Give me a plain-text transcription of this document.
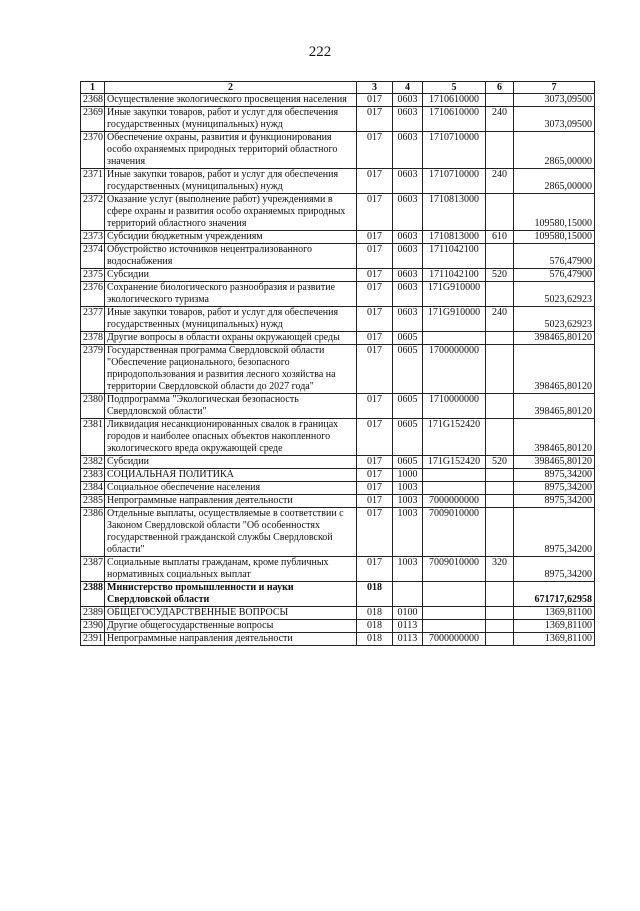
222
1	2	3	4	5	6	7
2368	Осуществление экологического просвещения населения	017	0603	1710610000		3073,09500
2369	Иные закупки товаров, работ и услуг для обеспечения государственных (муниципальных) нужд	017	0603	1710610000	240	3073,09500
2370	Обеспечение охраны, развития и функционирования особо охраняемых природных территорий областного значения	017	0603	1710710000		2865,00000
2371	Иные закупки товаров, работ и услуг для обеспечения государственных (муниципальных) нужд	017	0603	1710710000	240	2865,00000
2372	Оказание услуг (выполнение работ) учреждениями в сфере охраны и развития особо охраняемых природных территорий областного значения	017	0603	1710813000		109580,15000
2373	Субсидии бюджетным учреждениям	017	0603	1710813000	610	109580,15000
2374	Обустройство источников нецентрализованного водоснабжения	017	0603	1711042100		576,47900
2375	Субсидии	017	0603	1711042100	520	576,47900
2376	Сохранение биологического разнообразия и развитие экологического туризма	017	0603	171G910000		5023,62923
2377	Иные закупки товаров, работ и услуг для обеспечения государственных (муниципальных) нужд	017	0603	171G910000	240	5023,62923
2378	Другие вопросы в области охраны окружающей среды	017	0605			398465,80120
2379	Государственная программа Свердловской области "Обеспечение рационального, безопасного природопользования и развития лесного хозяйства на территории Свердловской области до 2027 года"	017	0605	1700000000		398465,80120
2380	Подпрограмма "Экологическая безопасность Свердловской области"	017	0605	1710000000		398465,80120
2381	Ликвидация несанкционированных свалок в границах городов и наиболее опасных объектов накопленного экологического вреда окружающей среде	017	0605	171G152420		398465,80120
2382	Субсидии	017	0605	171G152420	520	398465,80120
2383	СОЦИАЛЬНАЯ ПОЛИТИКА	017	1000			8975,34200
2384	Социальное обеспечение населения	017	1003			8975,34200
2385	Непрограммные направления деятельности	017	1003	7000000000		8975,34200
2386	Отдельные выплаты, осуществляемые в соответствии с Законом Свердловской области "Об особенностях государственной гражданской службы Свердловской области"	017	1003	7009010000		8975,34200
2387	Социальные выплаты гражданам, кроме публичных нормативных социальных выплат	017	1003	7009010000	320	8975,34200
2388	Министерство промышленности и науки Свердловской области	018				671717,62958
2389	ОБЩЕГОСУДАРСТВЕННЫЕ ВОПРОСЫ	018	0100			1369,81100
2390	Другие общегосударственные вопросы	018	0113			1369,81100
2391	Непрограммные направления деятельности	018	0113	7000000000		1369,81100
